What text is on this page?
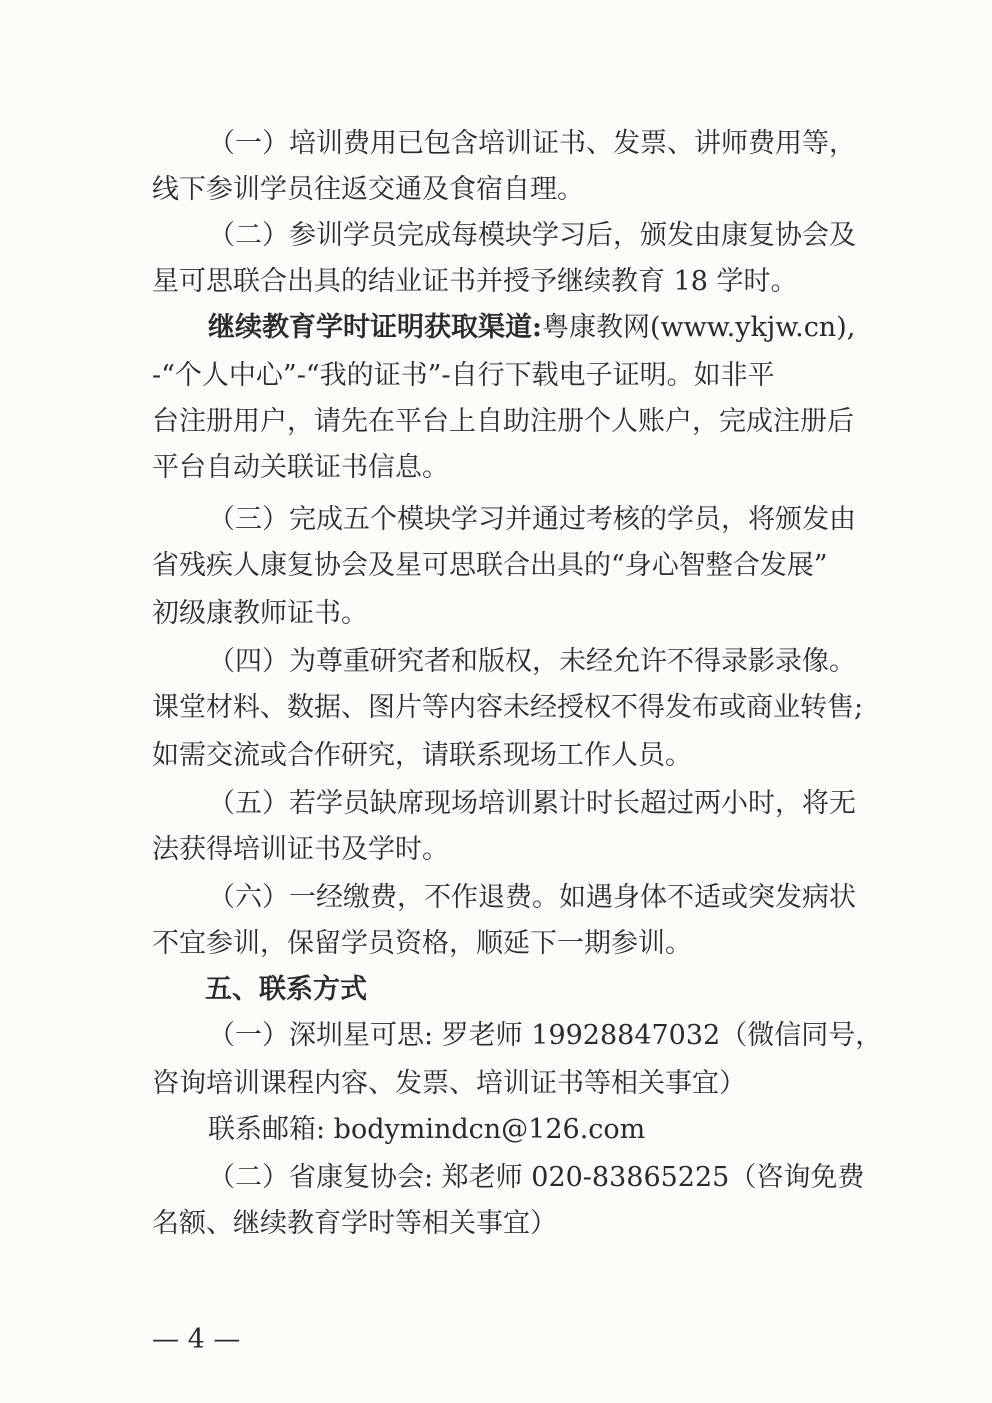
（一）培训费用已包含培训证书、发票、讲师费用等，

线下参训学员往返交通及食宿自理。

（二）参训学员完成每模块学习后，颁发由康复协会及

星可思联合出具的结业证书并授予继续教育 18 学时。

继续教育学时证明获取渠道:粤康教网(www.ykjw.cn),

-“个人中心”-“我的证书”-自行下载电子证明。如非平

台注册用户，请先在平台上自助注册个人账户，完成注册后

平台自动关联证书信息。

（三）完成五个模块学习并通过考核的学员，将颁发由

省残疾人康复协会及星可思联合出具的“身心智整合发展”

初级康教师证书。

（四）为尊重研究者和版权，未经允许不得录影录像。

课堂材料、数据、图片等内容未经授权不得发布或商业转售;

如需交流或合作研究，请联系现场工作人员。

（五）若学员缺席现场培训累计时长超过两小时，将无

法获得培训证书及学时。

（六）一经缴费，不作退费。如遇身体不适或突发病状

不宜参训，保留学员资格，顺延下一期参训。

五、联系方式

（一）深圳星可思: 罗老师 19928847032（微信同号，

咨询培训课程内容、发票、培训证书等相关事宜）

联系邮箱: bodymindcn@126.com

（二）省康复协会: 郑老师 020-83865225（咨询免费

名额、继续教育学时等相关事宜）

— 4 —
